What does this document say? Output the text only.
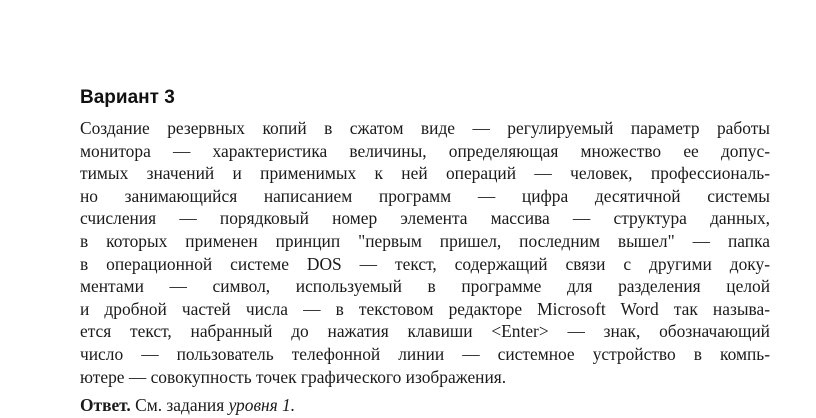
Вариант 3
Создание резервных копий в сжатом виде — регулируемый параметр работы
монитора — характеристика величины, определяющая множество ее допус-
тимых значений и применимых к ней операций — человек, профессиональ-
но занимающийся написанием программ — цифра десятичной системы
счисления — порядковый номер элемента массива — структура данных,
в которых применен принцип "первым пришел, последним вышел" — папка
в операционной системе DOS — текст, содержащий связи с другими доку-
ментами — символ, используемый в программе для разделения целой
и дробной частей числа — в текстовом редакторе Microsoft Word так называ-
ется текст, набранный до нажатия клавиши <Enter> — знак, обозначающий
число — пользователь телефонной линии — системное устройство в компь-
ютере — совокупность точек графического изображения.
Ответ. См. задания уровня 1.
